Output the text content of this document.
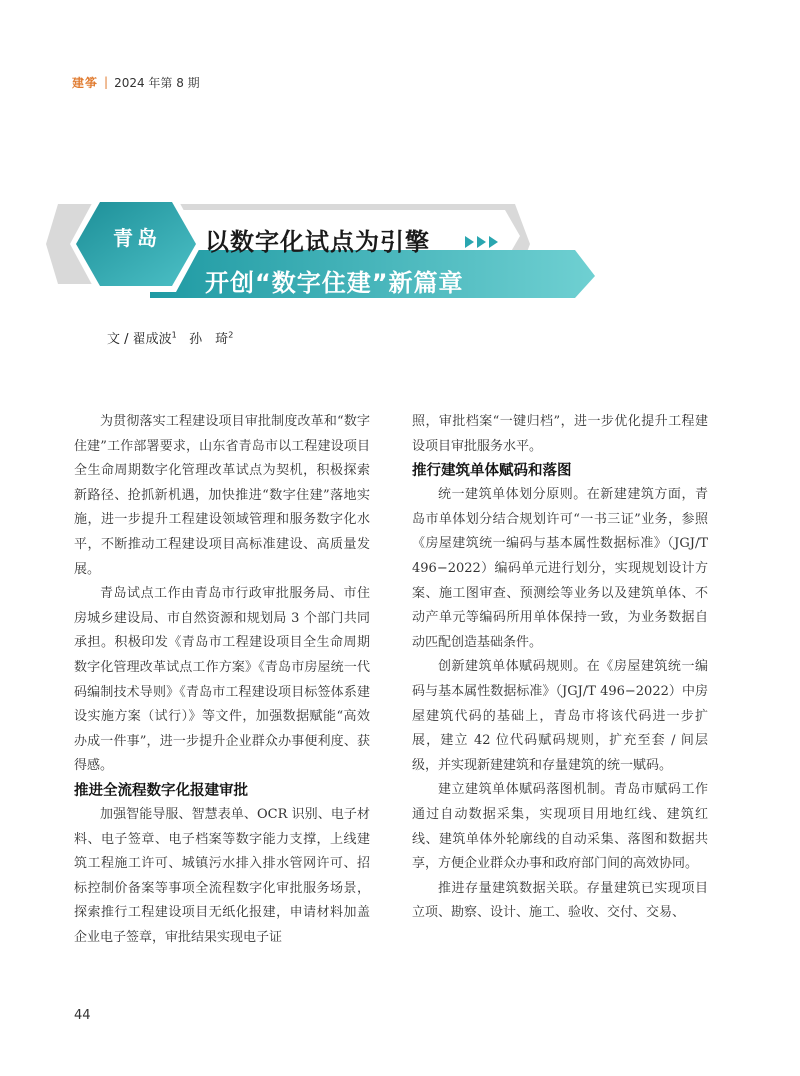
建筝 | 2024 年第 8 期
青岛	以数字化试点为引擎
开创“数字住建”新篇章
文 / 翟成波$^1$ 孙　琦$^2$

为贯彻落实工程建设项目审批制度改革和“数字住建”工作部署要求，山东省青岛市以工程建设项目全生命周期数字化管理改革试点为契机，积极探索新路径、抢抓新机遇，加快推进“数字住建”落地实施，进一步提升工程建设领域管理和服务数字化水平，不断推动工程建设项目高标准建设、高质量发展。

青岛试点工作由青岛市行政审批服务局、市住房城乡建设局、市自然资源和规划局 3 个部门共同承担。积极印发《青岛市工程建设项目全生命周期数字化管理改革试点工作方案》《青岛市房屋统一代码编制技术导则》《青岛市工程建设项目标签体系建设实施方案（试行）》等文件，加强数据赋能“高效办成一件事”，进一步提升企业群众办事便利度、获得感。

推进全流程数字化报建审批

加强智能导服、智慧表单、OCR 识别、电子材料、电子签章、电子档案等数字能力支撑，上线建筑工程施工许可、城镇污水排入排水管网许可、招标控制价备案等事项全流程数字化审批服务场景，探索推行工程建设项目无纸化报建，申请材料加盖企业电子签章，审批结果实现电子证

照，审批档案“一键归档”，进一步优化提升工程建设项目审批服务水平。

推行建筑单体赋码和落图

统一建筑单体划分原则。在新建建筑方面，青岛市单体划分结合规划许可“一书三证”业务，参照《房屋建筑统一编码与基本属性数据标准》（JGJ/T 496−2022）编码单元进行划分，实现规划设计方案、施工图审查、预测绘等业务以及建筑单体、不动产单元等编码所用单体保持一致，为业务数据自动匹配创造基础条件。

创新建筑单体赋码规则。在《房屋建筑统一编码与基本属性数据标准》（JGJ/T 496−2022）中房屋建筑代码的基础上，青岛市将该代码进一步扩展，建立 42 位代码赋码规则，扩充至套 / 间层级，并实现新建建筑和存量建筑的统一赋码。

建立建筑单体赋码落图机制。青岛市赋码工作通过自动数据采集，实现项目用地红线、建筑红线、建筑单体外轮廓线的自动采集、落图和数据共享，方便企业群众办事和政府部门间的高效协同。

推进存量建筑数据关联。存量建筑已实现项目立项、勘察、设计、施工、验收、交付、交易、

44
